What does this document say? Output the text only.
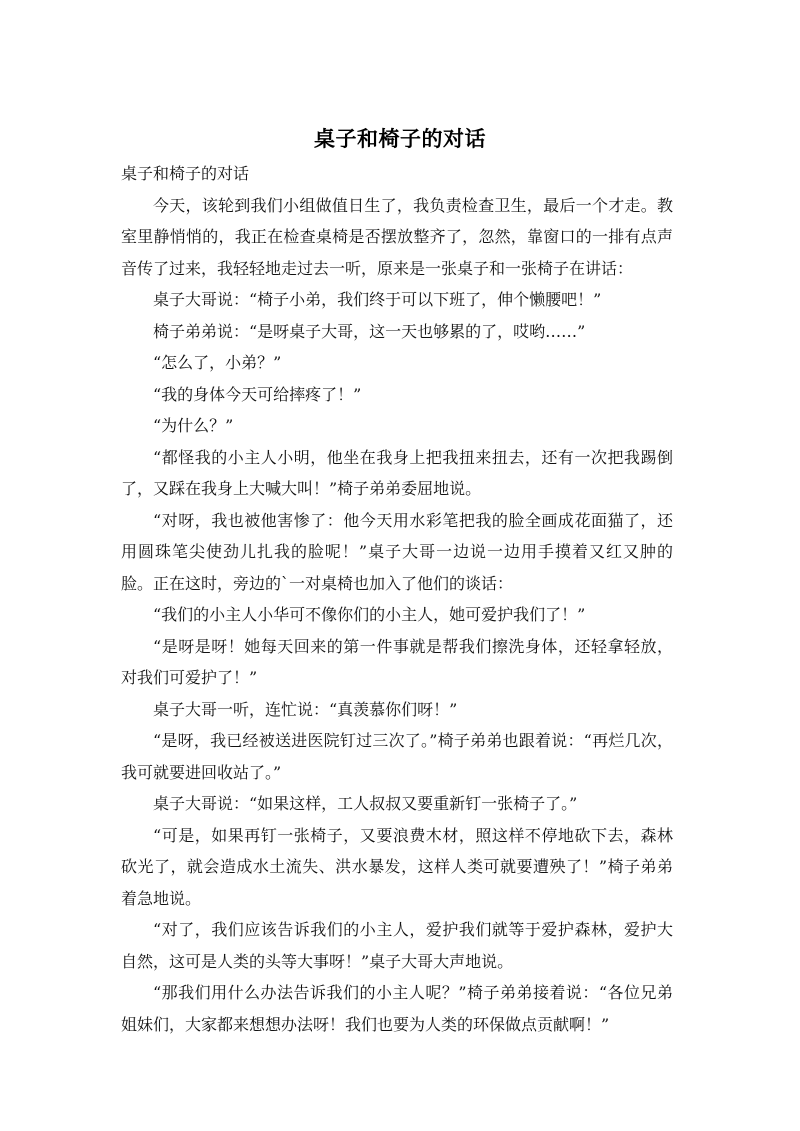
桌子和椅子的对话

桌子和椅子的对话

今天，该轮到我们小组做值日生了，我负责检查卫生，最后一个才走。教室里静悄悄的，我正在检查桌椅是否摆放整齐了，忽然，靠窗口的一排有点声音传了过来，我轻轻地走过去一听，原来是一张桌子和一张椅子在讲话：

桌子大哥说：“椅子小弟，我们终于可以下班了，伸个懒腰吧！”

椅子弟弟说：“是呀桌子大哥，这一天也够累的了，哎哟……”

“怎么了，小弟？”

“我的身体今天可给摔疼了！”

“为什么？”

“都怪我的小主人小明，他坐在我身上把我扭来扭去，还有一次把我踢倒了，又踩在我身上大喊大叫！”椅子弟弟委屈地说。

“对呀，我也被他害惨了：他今天用水彩笔把我的脸全画成花面猫了，还用圆珠笔尖使劲儿扎我的脸呢！”桌子大哥一边说一边用手摸着又红又肿的脸。正在这时，旁边的`一对桌椅也加入了他们的谈话：

“我们的小主人小华可不像你们的小主人，她可爱护我们了！”

“是呀是呀！她每天回来的第一件事就是帮我们擦洗身体，还轻拿轻放，对我们可爱护了！”

桌子大哥一听，连忙说：“真羡慕你们呀！”

“是呀，我已经被送进医院钉过三次了。”椅子弟弟也跟着说：“再烂几次，我可就要进回收站了。”

桌子大哥说：“如果这样，工人叔叔又要重新钉一张椅子了。”

“可是，如果再钉一张椅子，又要浪费木材，照这样不停地砍下去，森林砍光了，就会造成水土流失、洪水暴发，这样人类可就要遭殃了！”椅子弟弟着急地说。

“对了，我们应该告诉我们的小主人，爱护我们就等于爱护森林，爱护大自然，这可是人类的头等大事呀！”桌子大哥大声地说。

“那我们用什么办法告诉我们的小主人呢？”椅子弟弟接着说：“各位兄弟姐妹们，大家都来想想办法呀！我们也要为人类的环保做点贡献啊！”
